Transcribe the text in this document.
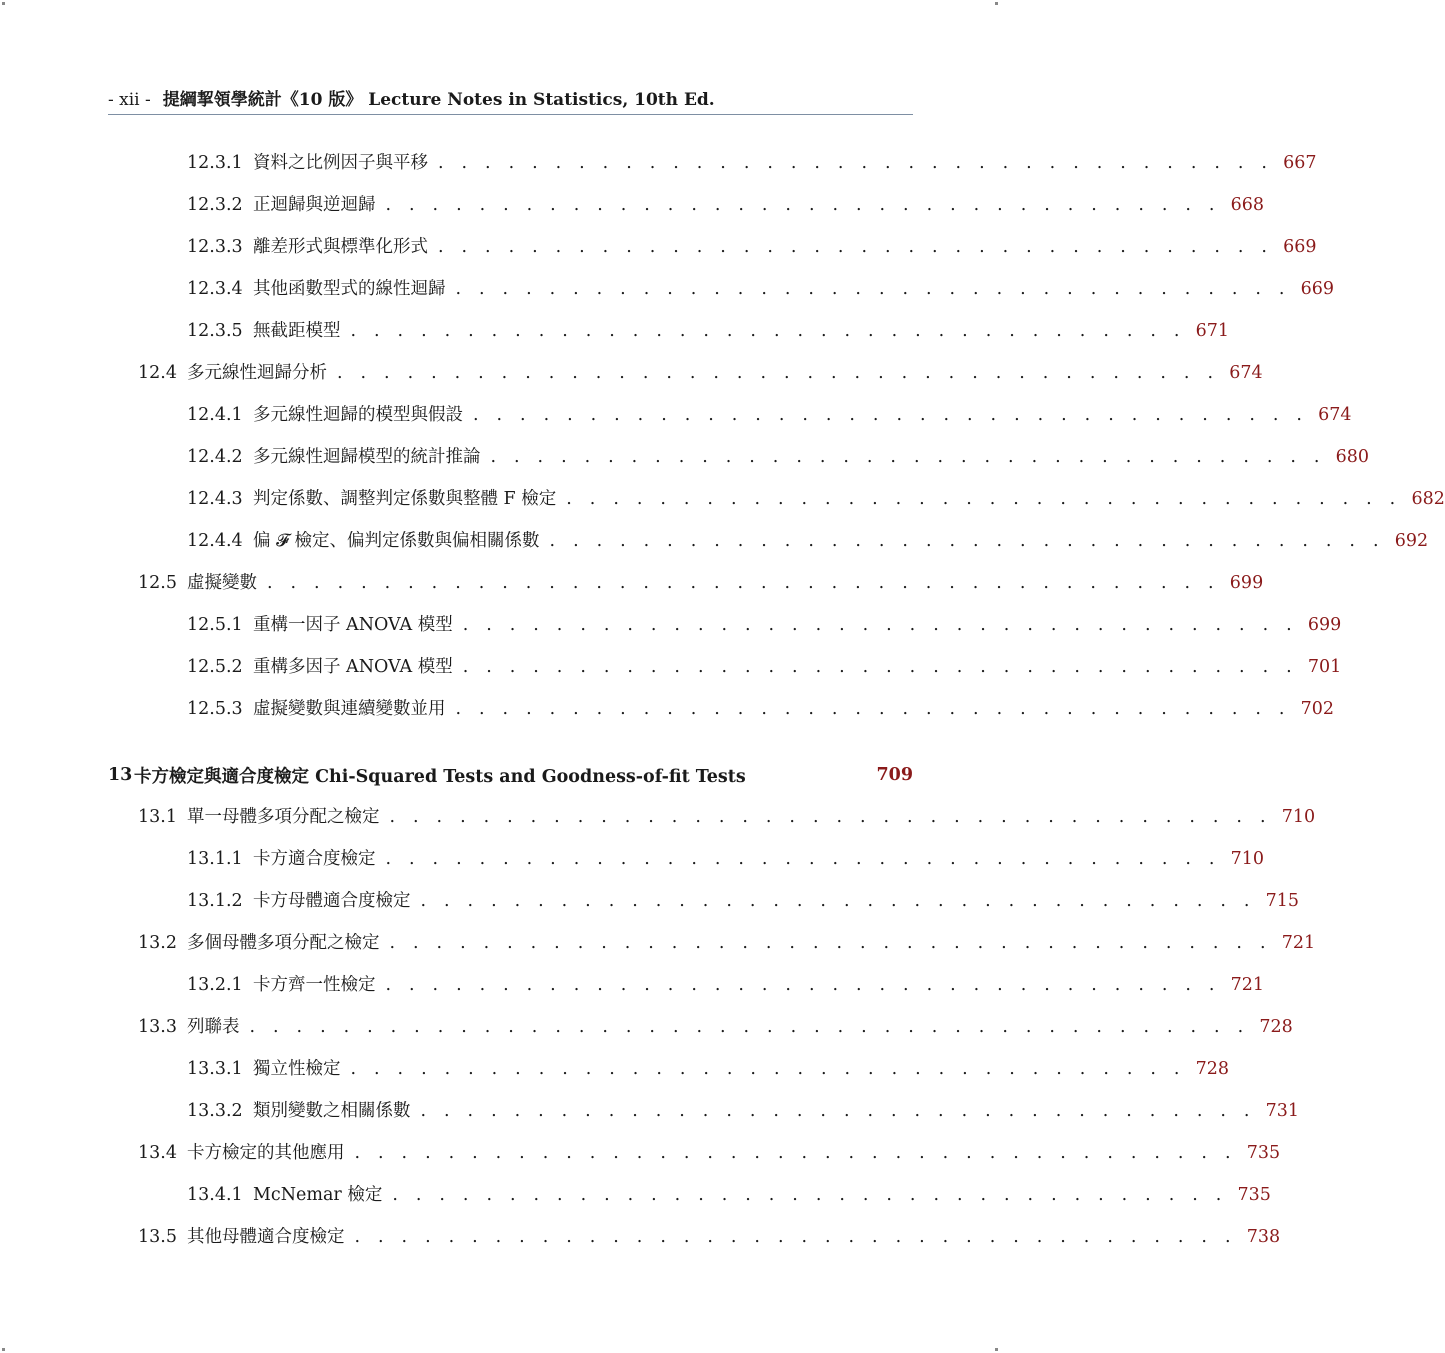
- xii - 提綱挈領學統計《10 版》 Lecture Notes in Statistics, 10th Ed.
12.3.1 資料之比例因子與平移 . . . . . . . . . . . . . . . . . . . . . . . . . . . . . . . . . . . . 667
12.3.2 正迴歸與逆迴歸 . . . . . . . . . . . . . . . . . . . . . . . . . . . . . . . . . . . . 668
12.3.3 離差形式與標準化形式 . . . . . . . . . . . . . . . . . . . . . . . . . . . . . . . . . . . . 669
12.3.4 其他函數型式的線性迴歸 . . . . . . . . . . . . . . . . . . . . . . . . . . . . . . . . . . . . 669
12.3.5 無截距模型 . . . . . . . . . . . . . . . . . . . . . . . . . . . . . . . . . . . . 671
12.4 多元線性迴歸分析 . . . . . . . . . . . . . . . . . . . . . . . . . . . . . . . . . . . . . . 674
12.4.1 多元線性迴歸的模型與假設 . . . . . . . . . . . . . . . . . . . . . . . . . . . . . . . . . . . . 674
12.4.2 多元線性迴歸模型的統計推論 . . . . . . . . . . . . . . . . . . . . . . . . . . . . . . . . . . . . 680
12.4.3 判定係數、調整判定係數與整體 F 檢定 . . . . . . . . . . . . . . . . . . . . . . . . . . . . . . . . . . . . 682
12.4.4 偏 𝓕 檢定、偏判定係數與偏相關係數 . . . . . . . . . . . . . . . . . . . . . . . . . . . . . . . . . . . . 692
12.5 虛擬變數 . . . . . . . . . . . . . . . . . . . . . . . . . . . . . . . . . . . . . . . . . 699
12.5.1 重構一因子 ANOVA 模型 . . . . . . . . . . . . . . . . . . . . . . . . . . . . . . . . . . . . 699
12.5.2 重構多因子 ANOVA 模型 . . . . . . . . . . . . . . . . . . . . . . . . . . . . . . . . . . . . 701
12.5.3 虛擬變數與連續變數並用 . . . . . . . . . . . . . . . . . . . . . . . . . . . . . . . . . . . . 702
13 卡方檢定與適合度檢定 Chi-Squared Tests and Goodness-of-fit Tests	709
13.1 單一母體多項分配之檢定 . . . . . . . . . . . . . . . . . . . . . . . . . . . . . . . . . . . . . . 710
13.1.1 卡方適合度檢定 . . . . . . . . . . . . . . . . . . . . . . . . . . . . . . . . . . . . 710
13.1.2 卡方母體適合度檢定 . . . . . . . . . . . . . . . . . . . . . . . . . . . . . . . . . . . . 715
13.2 多個母體多項分配之檢定 . . . . . . . . . . . . . . . . . . . . . . . . . . . . . . . . . . . . . . 721
13.2.1 卡方齊一性檢定 . . . . . . . . . . . . . . . . . . . . . . . . . . . . . . . . . . . . 721
13.3 列聯表 . . . . . . . . . . . . . . . . . . . . . . . . . . . . . . . . . . . . . . . . . . . 728
13.3.1 獨立性檢定 . . . . . . . . . . . . . . . . . . . . . . . . . . . . . . . . . . . . 728
13.3.2 類別變數之相關係數 . . . . . . . . . . . . . . . . . . . . . . . . . . . . . . . . . . . . 731
13.4 卡方檢定的其他應用 . . . . . . . . . . . . . . . . . . . . . . . . . . . . . . . . . . . . . . 735
13.4.1 McNemar 檢定 . . . . . . . . . . . . . . . . . . . . . . . . . . . . . . . . . . . . 735
13.5 其他母體適合度檢定 . . . . . . . . . . . . . . . . . . . . . . . . . . . . . . . . . . . . . . 738
